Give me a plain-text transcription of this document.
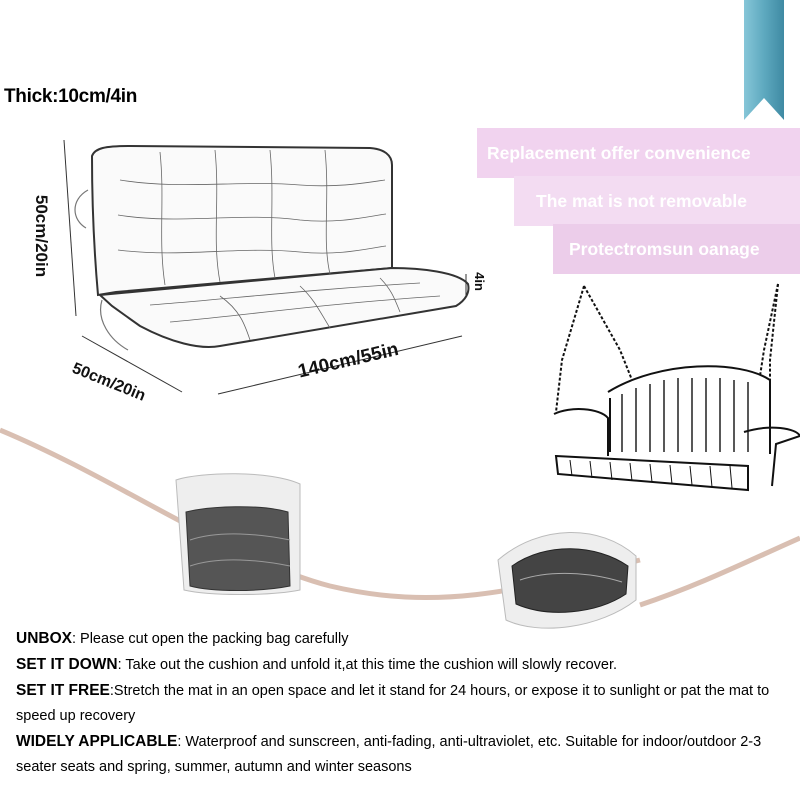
Thick:10cm/4in
Replacement offer convenience
The mat is not removable
Protectromsun oanage
50cm/20in
4in
50cm/20in	140cm/55in

UNBOX: Please cut open the packing bag carefully

SET IT DOWN: Take out the cushion and unfold it,at this time the cushion will slowly recover.

SET IT FREE:Stretch the mat in an open space and let it stand for 24 hours, or expose it to sunlight or pat the mat to speed up recovery

WIDELY APPLICABLE: Waterproof and sunscreen, anti-fading, anti-ultraviolet, etc. Suitable for indoor/outdoor 2-3 seater seats and spring, summer, autumn and winter seasons
